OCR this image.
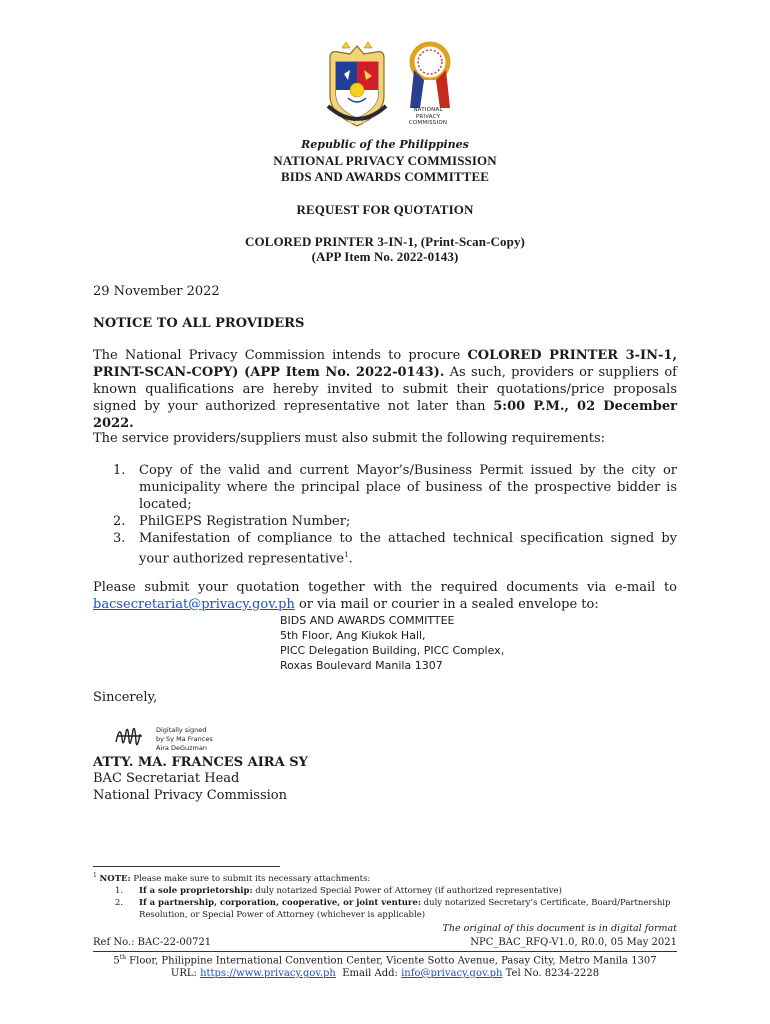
REPUBLIKA NG PILIPINAS
NATIONAL
PRIVACY
COMMISSION
Republic of the Philippines
NATIONAL PRIVACY COMMISSION
BIDS AND AWARDS COMMITTEE
REQUEST FOR QUOTATION
COLORED PRINTER 3-IN-1, (Print-Scan-Copy)
(APP Item No. 2022-0143)
29 November 2022
NOTICE TO ALL PROVIDERS
The National Privacy Commission intends to procure COLORED PRINTER 3-IN-1, PRINT-SCAN-COPY) (APP Item No. 2022-0143). As such, providers or suppliers of known qualifications are hereby invited to submit their quotations/price proposals signed by your authorized representative not later than 5:00 P.M., 02 December 2022.
The service providers/suppliers must also submit the following requirements:
1. Copy of the valid and current Mayor’s/Business Permit issued by the city or municipality where the principal place of business of the prospective bidder is located;
2. PhilGEPS Registration Number;
3. Manifestation of compliance to the attached technical specification signed by your authorized representative$^1$.
Please submit your quotation together with the required documents via e-mail to bacsecretariat@privacy.gov.ph or via mail or courier in a sealed envelope to:
BIDS AND AWARDS COMMITTEE
5th Floor, Ang Kiukok Hall,
PICC Delegation Building, PICC Complex,
Roxas Boulevard Manila 1307
Sincerely,
Digitally signed
by Sy Ma Frances
Aira DeGuzman
ATTY. MA. FRANCES AIRA SY
BAC Secretariat Head
National Privacy Commission
$^1$ NOTE: Please make sure to submit its necessary attachments:
1. If a sole proprietorship: duly notarized Special Power of Attorney (if authorized representative)
2. If a partnership, corporation, cooperative, or joint venture: duly notarized Secretary’s Certificate, Board/Partnership Resolution, or Special Power of Attorney (whichever is applicable)
The original of this document is in digital format
Ref No.: BAC-22-00721	NPC_BAC_RFQ-V1.0, R0.0, 05 May 2021
5th Floor, Philippine International Convention Center, Vicente Sotto Avenue, Pasay City, Metro Manila 1307
URL: https://www.privacy.gov.ph  Email Add: info@privacy.gov.ph Tel No. 8234-2228
